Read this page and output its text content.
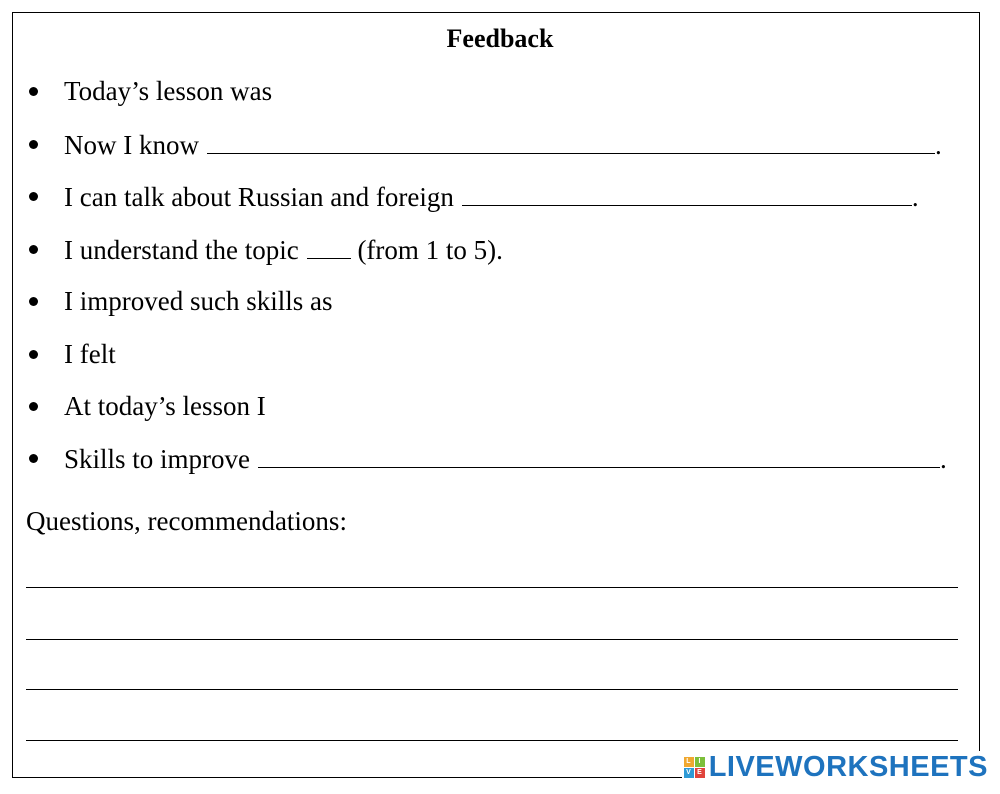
Feedback
Today’s lesson was
Now I know	.
I can talk about Russian and foreign	.
I understand the topic (from 1 to 5).
I improved such skills as
I felt
At today’s lesson I
Skills to improve	.
Questions, recommendations:
L	I
V E LIVEWORKSHEETS
